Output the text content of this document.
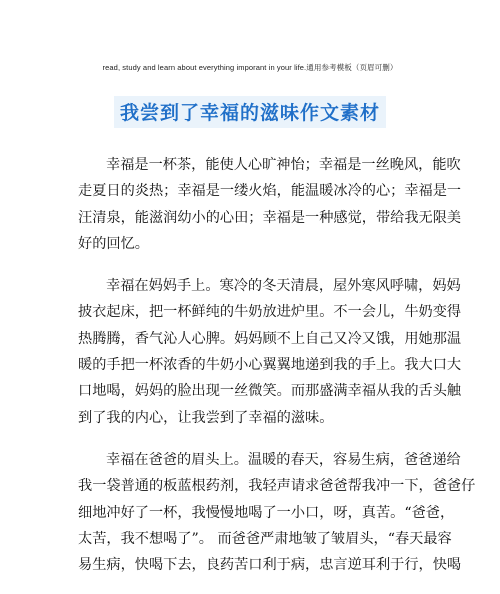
read, study and learn about everything imporant in your life.通用参考模板（页眉可删）
我尝到了幸福的滋味作文素材
幸福是一杯茶，能使人心旷神怡；幸福是一丝晚风，能吹
走夏日的炎热；幸福是一缕火焰，能温暖冰冷的心；幸福是一
汪清泉，能滋润幼小的心田；幸福是一种感觉，带给我无限美
好的回忆。
幸福在妈妈手上。寒冷的冬天清晨，屋外寒风呼啸，妈妈
披衣起床，把一杯鲜纯的牛奶放进炉里。不一会儿，牛奶变得
热腾腾，香气沁人心脾。妈妈顾不上自己又冷又饿，用她那温
暖的手把一杯浓香的牛奶小心翼翼地递到我的手上。我大口大
口地喝，妈妈的脸出现一丝微笑。而那盛满幸福从我的舌头触
到了我的内心，让我尝到了幸福的滋味。
幸福在爸爸的眉头上。温暖的春天，容易生病，爸爸递给
我一袋普通的板蓝根药剂，我轻声请求爸爸帮我冲一下，爸爸仔
细地冲好了一杯，我慢慢地喝了一小口，呀，真苦。“爸爸，
太苦，我不想喝了”。 而爸爸严肃地皱了皱眉头，“春天最容
易生病，快喝下去，良药苦口利于病，忠言逆耳利于行，快喝
